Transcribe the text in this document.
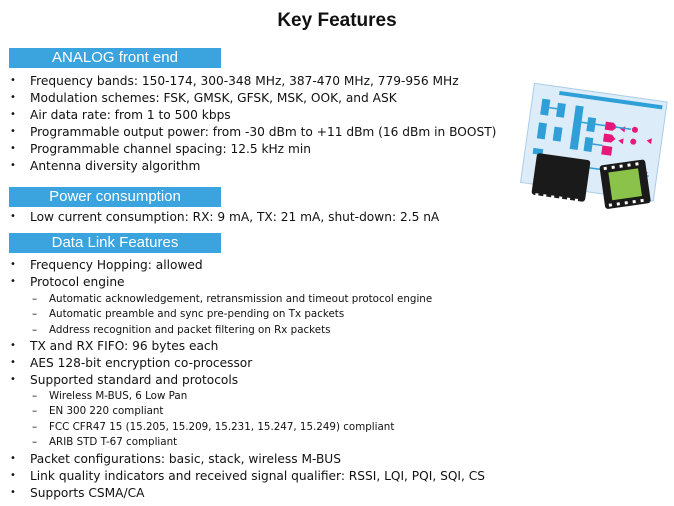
Key Features
ANALOG front end
• Frequency bands: 150-174, 300-348 MHz, 387-470 MHz, 779-956 MHz
• Modulation schemes: FSK, GMSK, GFSK, MSK, OOK, and ASK
• Air data rate: from 1 to 500 kbps
• Programmable output power: from -30 dBm to +11 dBm (16 dBm in BOOST)
• Programmable channel spacing: 12.5 kHz min
• Antenna diversity algorithm
Power consumption
• Low current consumption: RX: 9 mA, TX: 21 mA, shut-down: 2.5 nA
Data Link Features
• Frequency Hopping: allowed
• Protocol engine
– Automatic acknowledgement, retransmission and timeout protocol engine
– Automatic preamble and sync pre-pending on Tx packets
– Address recognition and packet filtering on Rx packets
• TX and RX FIFO: 96 bytes each
• AES 128-bit encryption co-processor
• Supported standard and protocols
– Wireless M-BUS, 6 Low Pan
– EN 300 220 compliant
– FCC CFR47 15 (15.205, 15.209, 15.231, 15.247, 15.249) compliant
– ARIB STD T-67 compliant
• Packet configurations: basic, stack, wireless M-BUS
• Link quality indicators and received signal qualifier: RSSI, LQI, PQI, SQI, CS
• Supports CSMA/CA
